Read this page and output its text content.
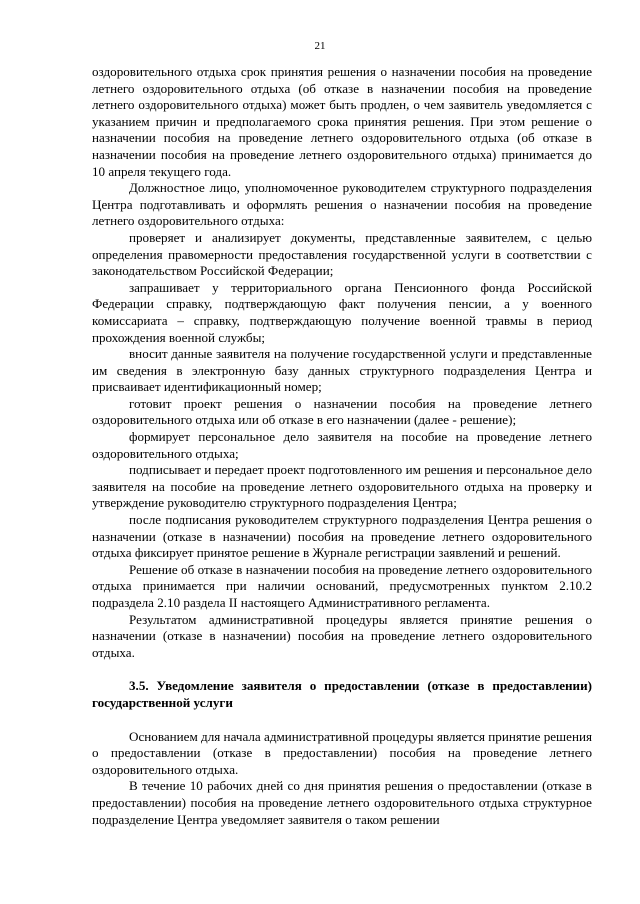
21

оздоровительного отдыха срок принятия решения о назначении пособия на проведение летнего оздоровительного отдыха (об отказе в назначении пособия на проведение летнего оздоровительного отдыха) может быть продлен, о чем заявитель уведомляется с указанием причин и предполагаемого срока принятия решения. При этом решение о назначении пособия на проведение летнего оздоровительного отдыха (об отказе в назначении пособия на проведение летнего оздоровительного отдыха) принимается до 10 апреля текущего года.

Должностное лицо, уполномоченное руководителем структурного подразделения Центра подготавливать и оформлять решения о назначении пособия на проведение летнего оздоровительного отдыха:

проверяет и анализирует документы, представленные заявителем, с целью определения правомерности предоставления государственной услуги в соответствии с законодательством Российской Федерации;

запрашивает у территориального органа Пенсионного фонда Российской Федерации справку, подтверждающую факт получения пенсии, а у военного комиссариата – справку, подтверждающую получение военной травмы в период прохождения военной службы;

вносит данные заявителя на получение государственной услуги и представленные им сведения в электронную базу данных структурного подразделения Центра и присваивает идентификационный номер;

готовит проект решения о назначении пособия на проведение летнего оздоровительного отдыха или об отказе в его назначении (далее - решение);

формирует персональное дело заявителя на пособие на проведение летнего оздоровительного отдыха;

подписывает и передает проект подготовленного им решения и персональное дело заявителя на пособие на проведение летнего оздоровительного отдыха на проверку и утверждение руководителю структурного подразделения Центра;

после подписания руководителем структурного подразделения Центра решения о назначении (отказе в назначении) пособия на проведение летнего оздоровительного отдыха фиксирует принятое решение в Журнале регистрации заявлений и решений.

Решение об отказе в назначении пособия на проведение летнего оздоровительного отдыха принимается при наличии оснований, предусмотренных пунктом 2.10.2 подраздела 2.10 раздела II настоящего Административного регламента.

Результатом административной процедуры является принятие решения о назначении (отказе в назначении) пособия на проведение летнего оздоровительного отдыха.

3.5. Уведомление заявителя о предоставлении (отказе в предоставлении) государственной услуги

Основанием для начала административной процедуры является принятие решения о предоставлении (отказе в предоставлении) пособия на проведение летнего оздоровительного отдыха.

В течение 10 рабочих дней со дня принятия решения о предоставлении (отказе в предоставлении) пособия на проведение летнего оздоровительного отдыха структурное подразделение Центра уведомляет заявителя о таком решении
